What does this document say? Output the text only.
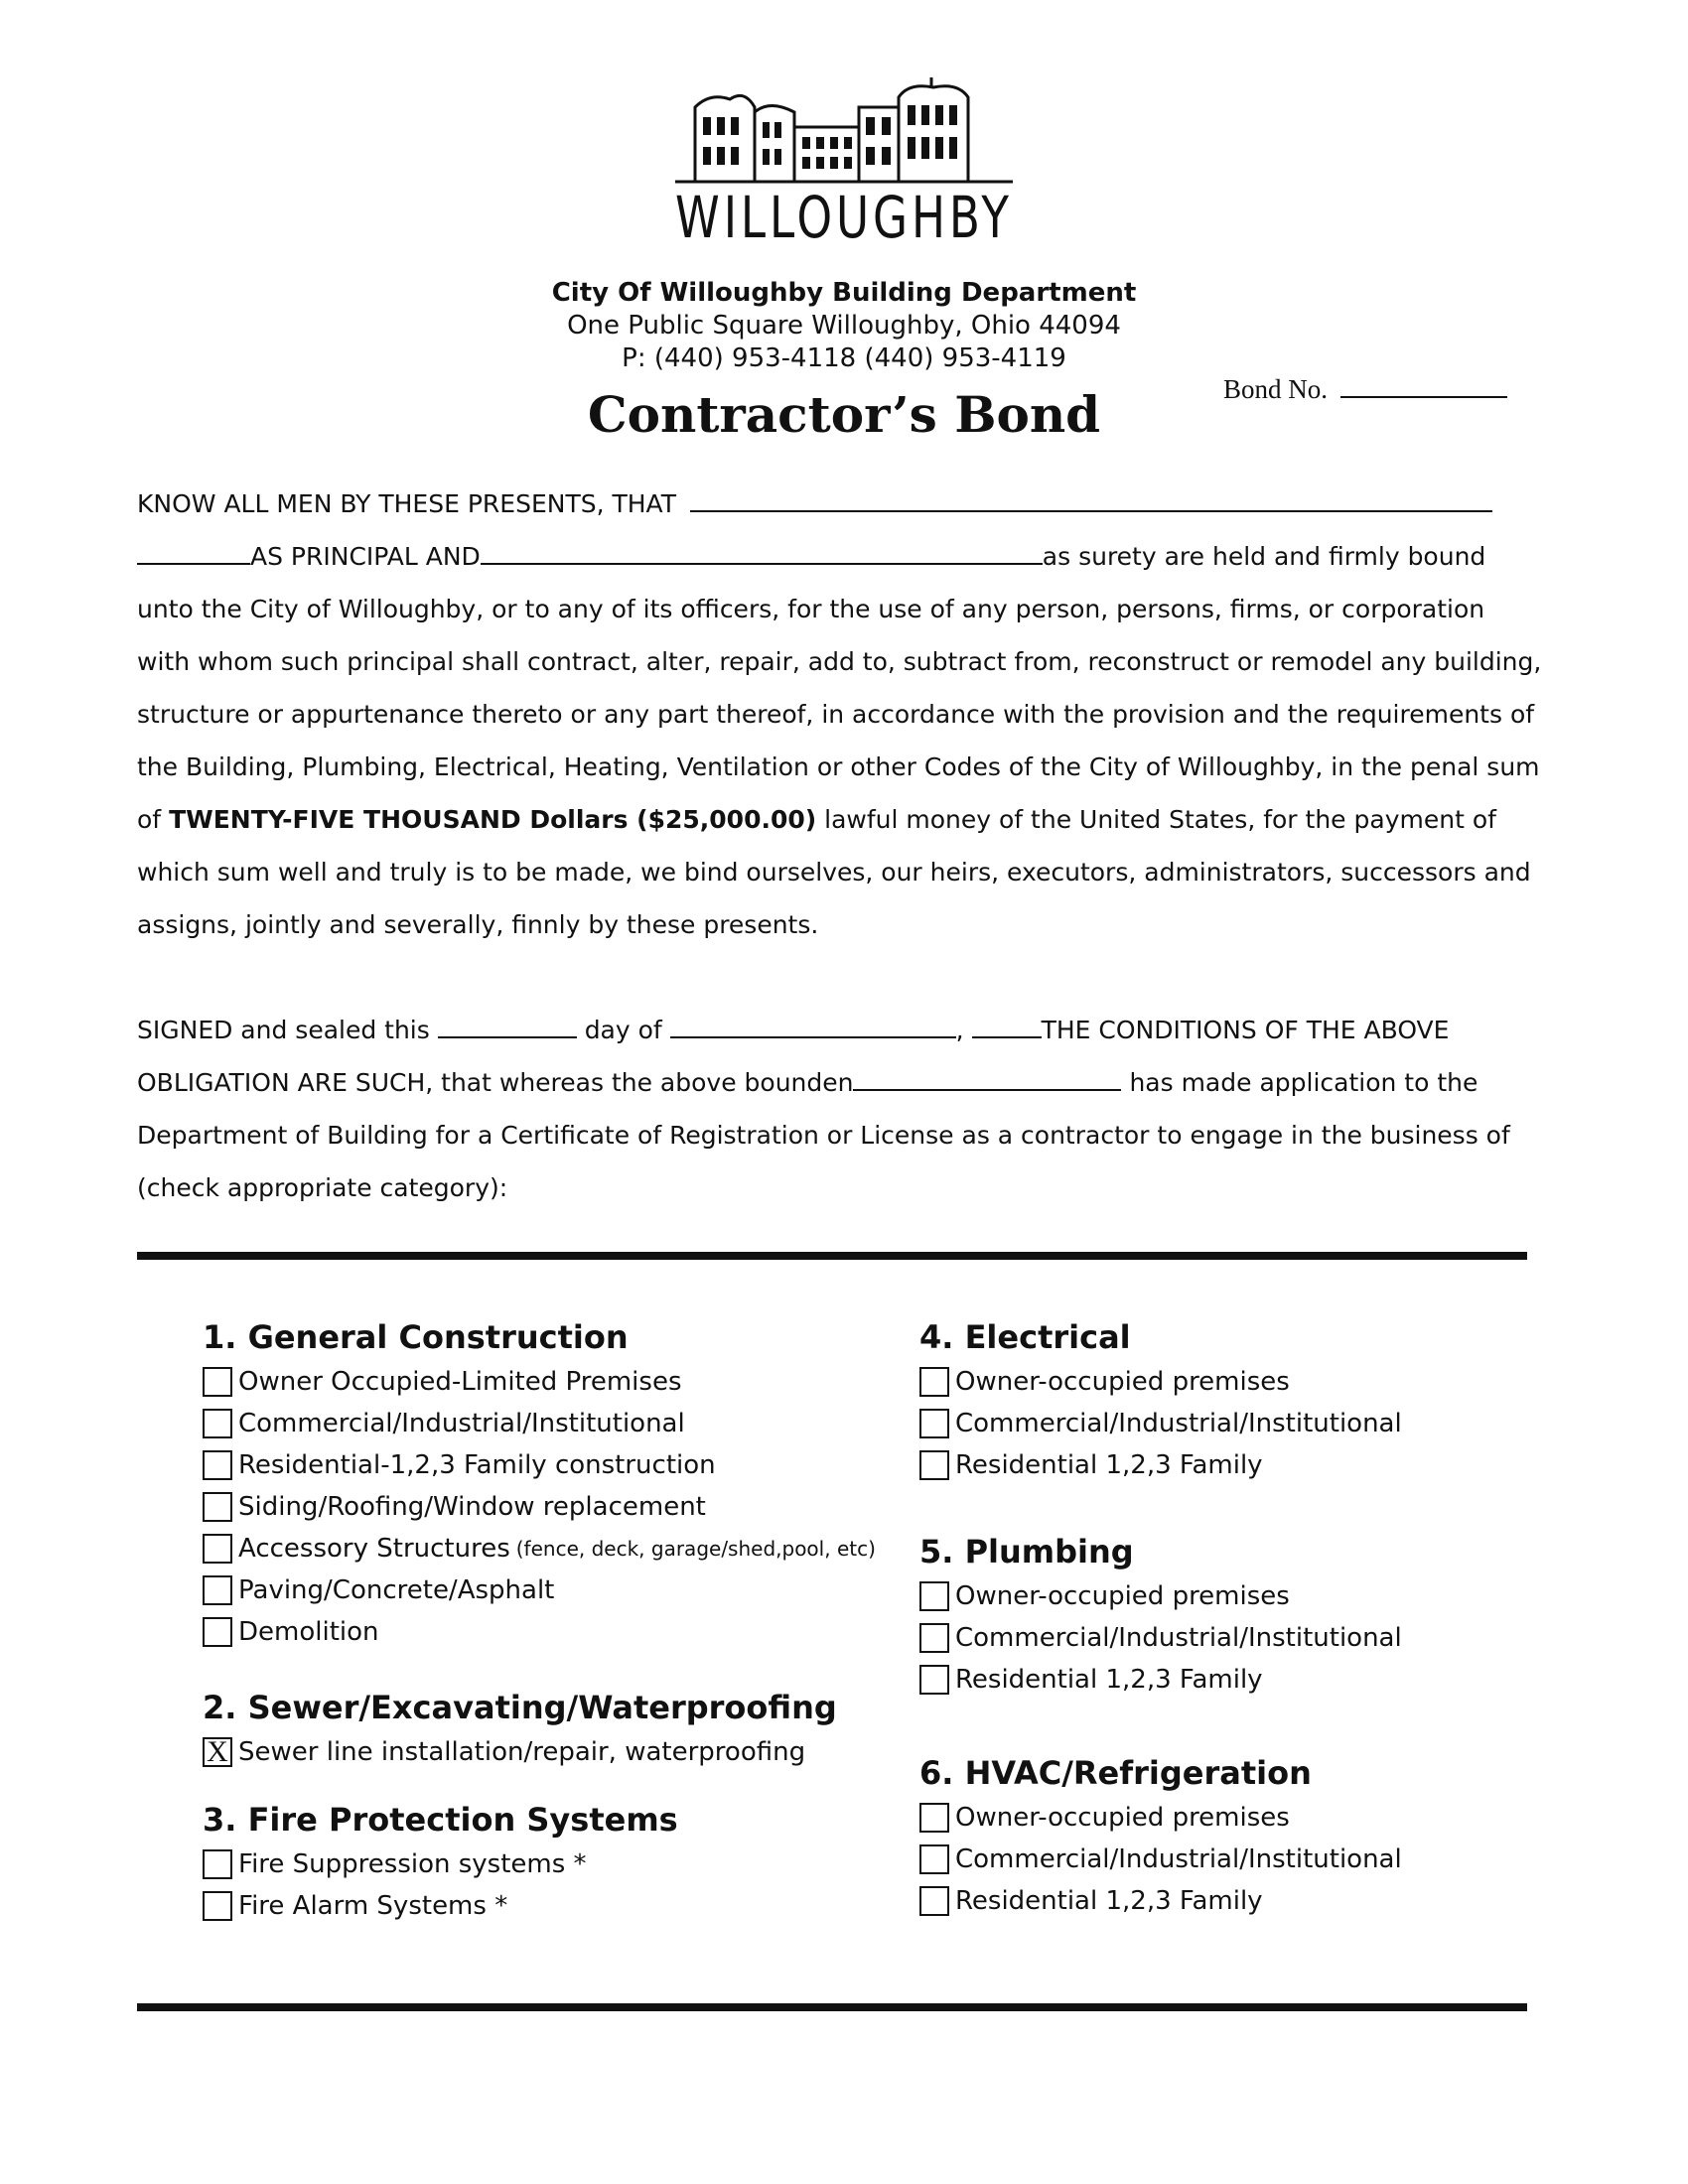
WILLOUGHBY
City Of Willoughby Building Department
One Public Square Willoughby, Ohio 44094
P: (440) 953-4118 (440) 953-4119
Bond No.
Contractor’s Bond
KNOW ALL MEN BY THESE PRESENTS, THAT
AS PRINCIPAL AND	as surety are held and firmly bound
unto the City of Willoughby, or to any of its officers, for the use of any person, persons, firms, or corporation
with whom such principal shall contract, alter, repair, add to, subtract from, reconstruct or remodel any building,
structure or appurtenance thereto or any part thereof, in accordance with the provision and the requirements of
the Building, Plumbing, Electrical, Heating, Ventilation or other Codes of the City of Willoughby, in the penal sum
of TWENTY-FIVE THOUSAND Dollars ($25,000.00) lawful money of the United States, for the payment of
which sum well and truly is to be made, we bind ourselves, our heirs, executors, administrators, successors and
assigns, jointly and severally, finnly by these presents.
SIGNED and sealed this	day of	,	THE CONDITIONS OF THE ABOVE
OBLIGATION ARE SUCH, that whereas the above bounden	has made application to the
Department of Building for a Certificate of Registration or License as a contractor to engage in the business of
(check appropriate category):
1. General Construction
Owner Occupied-Limited Premises
Commercial/Industrial/Institutional
Residential-1,2,3 Family construction
Siding/Roofing/Window replacement
Accessory Structures (fence, deck, garage/shed,pool, etc)
Paving/Concrete/Asphalt
Demolition
2. Sewer/Excavating/Waterproofing
X
Sewer line installation/repair, waterproofing
3. Fire Protection Systems
Fire Suppression systems *
Fire Alarm Systems *
4. Electrical
Owner-occupied premises
Commercial/Industrial/Institutional
Residential 1,2,3 Family
5. Plumbing
Owner-occupied premises
Commercial/Industrial/Institutional
Residential 1,2,3 Family
6. HVAC/Refrigeration
Owner-occupied premises
Commercial/Industrial/Institutional
Residential 1,2,3 Family
